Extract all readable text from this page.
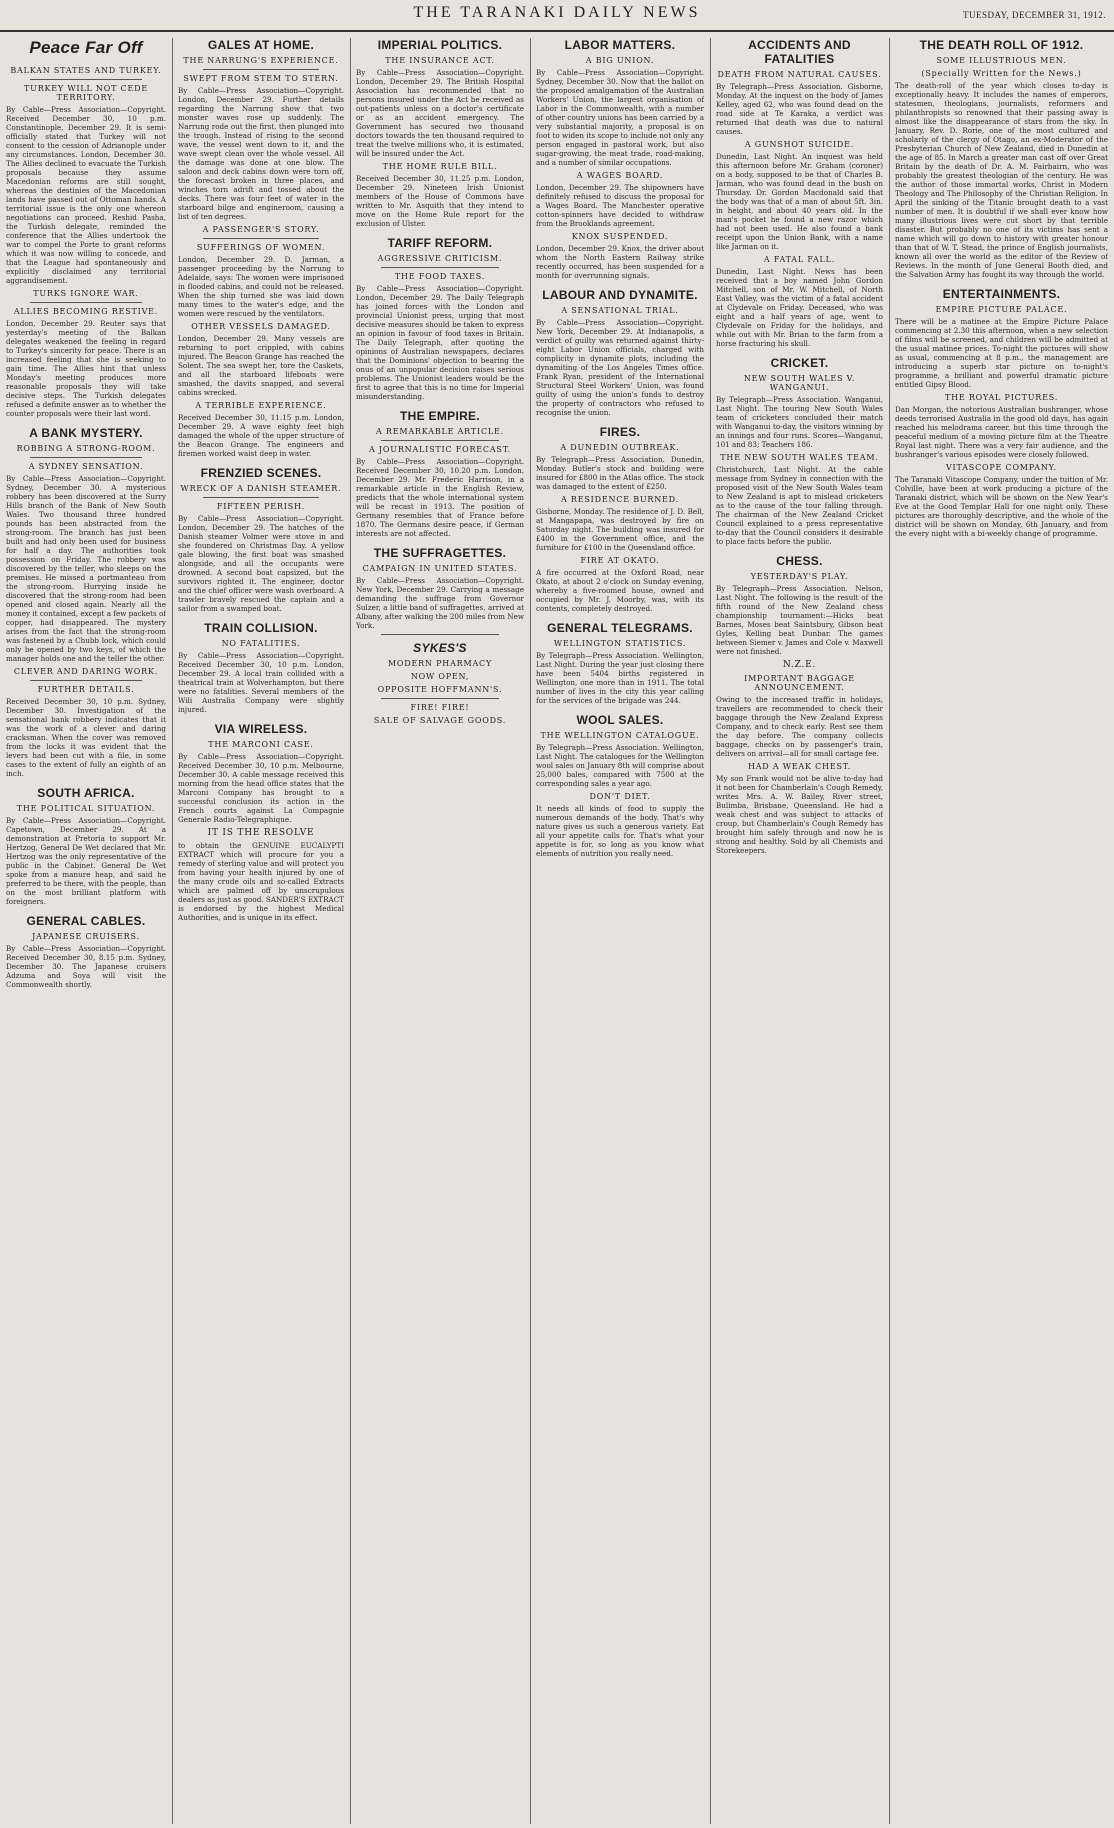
THE TARANAKI DAILY NEWS	TUESDAY, DECEMBER 31, 1912.
Peace Far Off
BALKAN STATES AND TURKEY.
TURKEY WILL NOT CEDE TERRITORY.

By Cable—Press Association—Copyright. Received December 30, 10 p.m. Constantinople, December 29. It is semi-officially stated that Turkey will not consent to the cession of Adrianople under any circumstances. London, December 30. The Allies declined to evacuate the Turkish proposals because they assume Macedonian reforms are still sought, whereas the destinies of the Macedonian lands have passed out of Ottoman hands. A territorial issue is the only one whereon negotiations can proceed. Reshid Pasha, the Turkish delegate, reminded the conference that the Allies undertook the war to compel the Porte to grant reforms which it was now willing to concede, and that the League had spontaneously and explicitly disclaimed any territorial aggrandisement.

TURKS IGNORE WAR.
ALLIES BECOMING RESTIVE.

London, December 29. Reuter says that yesterday's meeting of the Balkan delegates weakened the feeling in regard to Turkey's sincerity for peace. There is an increased feeling that she is seeking to gain time. The Allies hint that unless Monday's meeting produces more reasonable proposals they will take decisive steps. The Turkish delegates refused a definite answer as to whether the counter proposals were their last word.

A BANK MYSTERY.
ROBBING A STRONG-ROOM.
A SYDNEY SENSATION.

By Cable—Press Association—Copyright. Sydney, December 30. A mysterious robbery has been discovered at the Surry Hills branch of the Bank of New South Wales. Two thousand three hundred pounds has been abstracted from the strong-room. The branch has just been built and had only been used for business for half a day. The authorities took possession on Friday. The robbery was discovered by the teller, who sleeps on the premises. He missed a portmanteau from the strong-room. Hurrying inside he discovered that the strong-room had been opened and closed again. Nearly all the money it contained, except a few packets of copper, had disappeared. The mystery arises from the fact that the strong-room was fastened by a Chubb lock, which could only be opened by two keys, of which the manager holds one and the teller the other.

CLEVER AND DARING WORK.
FURTHER DETAILS.

Received December 30, 10 p.m. Sydney, December 30. Investigation of the sensational bank robbery indicates that it was the work of a clever and daring cracksman. When the cover was removed from the locks it was evident that the levers had been cut with a file, in some cases to the extent of fully an eighth of an inch.

SOUTH AFRICA.
THE POLITICAL SITUATION.

By Cable—Press Association—Copyright. Capetown, December 29. At a demonstration at Pretoria to support Mr. Hertzog, General De Wet declared that Mr. Hertzog was the only representative of the public in the Cabinet. General De Wet spoke from a manure heap, and said he preferred to be there, with the people, than on the most brilliant platform with foreigners.

GENERAL CABLES.
JAPANESE CRUISERS.

By Cable—Press Association—Copyright. Received December 30, 8.15 p.m. Sydney, December 30. The Japanese cruisers Adzuma and Soya will visit the Commonwealth shortly.

GALES AT HOME.
THE NARRUNG'S EXPERIENCE.
SWEPT FROM STEM TO STERN.

By Cable—Press Association—Copyright. London, December 29. Further details regarding the Narrung show that two monster waves rose up suddenly. The Narrung rode out the first, then plunged into the trough. Instead of rising to the second wave, the vessel went down to it, and the wave swept clean over the whole vessel. All the damage was done at one blow. The saloon and deck cabins down were torn off, the forecast broken in three places, and winches torn adrift and tossed about the decks. There was four feet of water in the starboard bilge and engineroom, causing a list of ten degrees.

A PASSENGER'S STORY.
SUFFERINGS OF WOMEN.

London, December 29. D. Jarman, a passenger proceeding by the Narrung to Adelaide, says: The women were imprisoned in flooded cabins, and could not be released. When the ship turned she was laid down many times to the water's edge, and the women were rescued by the ventilators.

OTHER VESSELS DAMAGED.

London, December 29. Many vessels are returning to port crippled, with cabins injured. The Beacon Grange has reached the Solent. The sea swept her, tore the Caskets, and all the starboard lifeboats were smashed, the davits snapped, and several cabins wrecked.

A TERRIBLE EXPERIENCE.

Received December 30, 11.15 p.m. London, December 29. A wave eighty feet high damaged the whole of the upper structure of the Beacon Grange. The engineers and firemen worked waist deep in water.

FRENZIED SCENES.
WRECK OF A DANISH STEAMER.
FIFTEEN PERISH.

By Cable—Press Association—Copyright. London, December 29. The hatches of the Danish steamer Volmer were stove in and she foundered on Christmas Day. A yellow gale blowing, the first boat was smashed alongside, and all the occupants were drowned. A second boat capsized, but the survivors righted it. The engineer, doctor and the chief officer were wash overboard. A trawler bravely rescued the captain and a sailor from a swamped boat.

TRAIN COLLISION.
NO FATALITIES.

By Cable—Press Association—Copyright. Received December 30, 10 p.m. London, December 29. A local train collided with a theatrical train at Wolverhampton, but there were no fatalities. Several members of the Wili Australia Company were slightly injured.

VIA WIRELESS.
THE MARCONI CASE.

By Cable—Press Association—Copyright. Received December 30, 10 p.m. Melbourne, December 30. A cable message received this morning from the head office states that the Marconi Company has brought to a successful conclusion its action in the French courts against La Compagnie Generale Radio-Telegraphique.

IT IS THE RESOLVE

to obtain the GENUINE EUCALYPTI EXTRACT which will procure for you a remedy of sterling value and will protect you from having your health injured by one of the many crude oils and so-called Extracts which are palmed off by unscrupulous dealers as just as good. SANDER'S EXTRACT is endorsed by the highest Medical Authorities, and is unique in its effect.

IMPERIAL POLITICS.
THE INSURANCE ACT.

By Cable—Press Association—Copyright. London, December 29. The British Hospital Association has recommended that no persons insured under the Act be received as out-patients unless on a doctor's certificate or as an accident emergency. The Government has secured two thousand doctors towards the ten thousand required to treat the twelve millions who, it is estimated, will be insured under the Act.

THE HOME RULE BILL.

Received December 30, 11.25 p.m. London, December 29. Nineteen Irish Unionist members of the House of Commons have written to Mr. Asquith that they intend to move on the Home Rule report for the exclusion of Ulster.

TARIFF REFORM.
AGGRESSIVE CRITICISM.
THE FOOD TAXES.

By Cable—Press Association—Copyright. London, December 29. The Daily Telegraph has joined forces with the London and provincial Unionist press, urging that most decisive measures should be taken to express an opinion in favour of food taxes in Britain. The Daily Telegraph, after quoting the opinions of Australian newspapers, declares that the Dominions' objection to bearing the onus of an unpopular decision raises serious problems. The Unionist leaders would be the first to agree that this is no time for Imperial misunderstanding.

THE EMPIRE.
A REMARKABLE ARTICLE.
A JOURNALISTIC FORECAST.

By Cable—Press Association—Copyright. Received December 30, 10.20 p.m. London, December 29. Mr. Frederic Harrison, in a remarkable article in the English Review, predicts that the whole international system will be recast in 1913. The position of Germany resembles that of France before 1870. The Germans desire peace, if German interests are not affected.

THE SUFFRAGETTES.
CAMPAIGN IN UNITED STATES.

By Cable—Press Association—Copyright. New York, December 29. Carrying a message demanding the suffrage from Governor Sulzer, a little band of suffragettes, arrived at Albany, after walking the 200 miles from New York.

SYKES'S
MODERN PHARMACY
NOW OPEN,
OPPOSITE HOFFMANN'S.
FIRE! FIRE!
SALE OF SALVAGE GOODS.
LABOR MATTERS.
A BIG UNION.

By Cable—Press Association—Copyright. Sydney, December 30. Now that the ballot on the proposed amalgamation of the Australian Workers' Union, the largest organisation of Labor in the Commonwealth, with a number of other country unions has been carried by a very substantial majority, a proposal is on foot to widen its scope to include not only any person engaged in pastoral work, but also sugar-growing, the meat trade, road-making, and a number of similar occupations.

A WAGES BOARD.

London, December 29. The shipowners have definitely refused to discuss the proposal for a Wages Board. The Manchester operative cotton-spinners have decided to withdraw from the Brooklands agreement.

KNOX SUSPENDED.

London, December 29. Knox, the driver about whom the North Eastern Railway strike recently occurred, has been suspended for a month for overrunning signals.

LABOUR AND DYNAMITE.
A SENSATIONAL TRIAL.

By Cable—Press Association—Copyright. New York, December 29. At Indianapolis, a verdict of guilty was returned against thirty-eight Labor Union officials, charged with complicity in dynamite plots, including the dynamiting of the Los Angeles Times office. Frank Ryan, president of the International Structural Steel Workers' Union, was found guilty of using the union's funds to destroy the property of contractors who refused to recognise the union.

FIRES.
A DUNEDIN OUTBREAK.

By Telegraph—Press Association. Dunedin, Monday. Butler's stock and building were insured for £800 in the Atlas office. The stock was damaged to the extent of £250.

A RESIDENCE BURNED.

Gisborne, Monday. The residence of J. D. Bell, at Mangapapa, was destroyed by fire on Saturday night. The building was insured for £400 in the Government office, and the furniture for £100 in the Queensland office.

FIRE AT OKATO.

A fire occurred at the Oxford Road, near Okato, at about 2 o'clock on Sunday evening, whereby a five-roomed house, owned and occupied by Mr. J. Moorby, was, with its contents, completely destroyed.

GENERAL TELEGRAMS.
WELLINGTON STATISTICS.

By Telegraph—Press Association. Wellington, Last Night. During the year just closing there have been 5404 births registered in Wellington, one more than in 1911. The total number of lives in the city this year calling for the services of the brigade was 244.

WOOL SALES.
THE WELLINGTON CATALOGUE.

By Telegraph—Press Association. Wellington, Last Night. The catalogues for the Wellington wool sales on January 8th will comprise about 25,000 bales, compared with 7500 at the corresponding sales a year ago.

DON'T DIET.

It needs all kinds of food to supply the numerous demands of the body. That's why nature gives us such a generous variety. Eat all your appetite calls for. That's what your appetite is for, so long as you know what elements of nutrition you really need.

ACCIDENTS AND FATALITIES
DEATH FROM NATURAL CAUSES.

By Telegraph—Press Association. Gisborne, Monday. At the inquest on the body of James Kelley, aged 62, who was found dead on the road side at Te Karaka, a verdict was returned that death was due to natural causes.

A GUNSHOT SUICIDE.

Dunedin, Last Night. An inquest was held this afternoon before Mr. Graham (coroner) on a body, supposed to be that of Charles B. Jarman, who was found dead in the bush on Thursday. Dr. Gordon Macdonald said that the body was that of a man of about 5ft. 3in. in height, and about 40 years old. In the man's pocket he found a new razor which had not been used. He also found a bank receipt upon the Union Bank, with a name like Jarman on it.

A FATAL FALL.

Dunedin, Last Night. News has been received that a boy named John Gordon Mitchell, son of Mr. W. Mitchell, of North East Valley, was the victim of a fatal accident at Clydevale on Friday. Deceased, who was eight and a half years of age, went to Clydevale on Friday for the holidays, and while out with Mr. Brian to the farm from a horse fracturing his skull.

CRICKET.
NEW SOUTH WALES V. WANGANUI.

By Telegraph—Press Association. Wanganui, Last Night. The touring New South Wales team of cricketers concluded their match with Wanganui to-day, the visitors winning by an innings and four runs. Scores—Wanganui, 101 and 83; Teachers 186.

THE NEW SOUTH WALES TEAM.

Christchurch, Last Night. At the cable message from Sydney in connection with the proposed visit of the New South Wales team to New Zealand is apt to mislead cricketers as to the cause of the tour falling through. The chairman of the New Zealand Cricket Council explained to a press representative to-day that the Council considers it desirable to place facts before the public.

CHESS.
YESTERDAY'S PLAY.

By Telegraph—Press Association. Nelson, Last Night. The following is the result of the fifth round of the New Zealand chess championship tournament:—Hicks beat Barnes, Moses beat Saintsbury, Gibson beat Gyles, Kelling beat Dunbar. The games between Siemer v. James and Cole v. Maxwell were not finished.

N.Z.E.
IMPORTANT BAGGAGE ANNOUNCEMENT.

Owing to the increased traffic in holidays, travellers are recommended to check their baggage through the New Zealand Express Company, and to check early. Rest see them the day before. The company collects baggage, checks on by passenger's train, delivers on arrival—all for small cartage fee.

HAD A WEAK CHEST.

My son Frank would not be alive to-day had it not been for Chamberlain's Cough Remedy, writes Mrs. A. W. Bailey, River street, Bulimba, Brisbane, Queensland. He had a weak chest and was subject to attacks of croup, but Chamberlain's Cough Remedy has brought him safely through and now he is strong and healthy. Sold by all Chemists and Storekeepers.

THE DEATH ROLL OF 1912.
SOME ILLUSTRIOUS MEN.
(Specially Written for the News.)

The death-roll of the year which closes to-day is exceptionally heavy. It includes the names of emperors, statesmen, theologians, journalists, reformers and philanthropists so renowned that their passing away is almost like the disappearance of stars from the sky. In January, Rev. D. Rorie, one of the most cultured and scholarly of the clergy of Otago, an ex-Moderator of the Presbyterian Church of New Zealand, died in Dunedin at the age of 85. In March a greater man cast off over Great Britain by the death of Dr. A. M. Fairbairn, who was probably the greatest theologian of the century. He was the author of those immortal works, Christ in Modern Theology and The Philosophy of the Christian Religion. In April the sinking of the Titanic brought death to a vast number of men. It is doubtful if we shall ever know how many illustrious lives were cut short by that terrible disaster. But probably no one of its victims has sent a name which will go down to history with greater honour than that of W. T. Stead, the prince of English journalists, known all over the world as the editor of the Review of Reviews. In the month of June General Booth died, and the Salvation Army has fought its way through the world.

ENTERTAINMENTS.
EMPIRE PICTURE PALACE.

There will be a matinee at the Empire Picture Palace commencing at 2.30 this afternoon, when a new selection of films will be screened, and children will be admitted at the usual matinee prices. To-night the pictures will show as usual, commencing at 8 p.m., the management are introducing a superb star picture on to-night's programme, a brilliant and powerful dramatic picture entitled Gipsy Blood.

THE ROYAL PICTURES.

Dan Morgan, the notorious Australian bushranger, whose deeds terrorised Australia in the good old days, has again reached his melodrama career, but this time through the peaceful medium of a moving picture film at the Theatre Royal last night. There was a very fair audience, and the bushranger's various episodes were closely followed.

VITASCOPE COMPANY.

The Taranaki Vitascope Company, under the tuition of Mr. Colville, have been at work producing a picture of the Taranaki district, which will be shown on the New Year's Eve at the Good Templar Hall for one night only. These pictures are thoroughly descriptive, and the whole of the district will be shown on Monday, 6th January, and from the every night with a bi-weekly change of programme.
